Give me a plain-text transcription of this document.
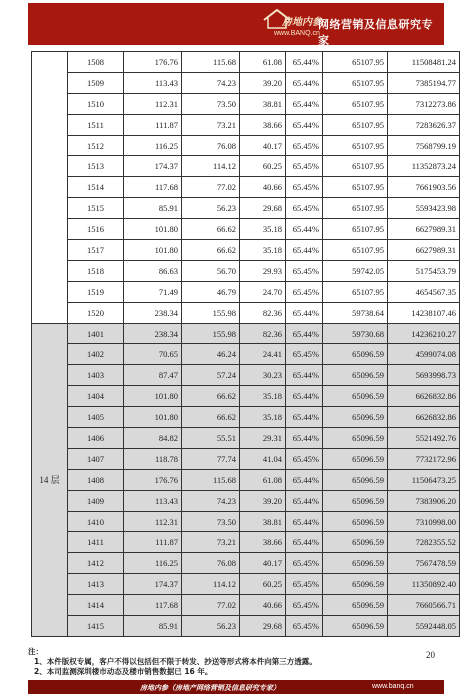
房地内参
www.BANQ.cn
网络营销及信息研究专家
	1508	176.76	115.68	61.08	65.44%	65107.95	11508481.24
	1509	113.43	74.23	39.20	65.44%	65107.95	7385194.77
	1510	112.31	73.50	38.81	65.44%	65107.95	7312273.86
	1511	111.87	73.21	38.66	65.44%	65107.95	7283626.37
	1512	116.25	76.08	40.17	65.45%	65107.95	7568799.19
	1513	174.37	114.12	60.25	65.45%	65107.95	11352873.24
	1514	117.68	77.02	40.66	65.45%	65107.95	7661903.56
	1515	85.91	56.23	29.68	65.45%	65107.95	5593423.98
	1516	101.80	66.62	35.18	65.44%	65107.95	6627989.31
	1517	101.80	66.62	35.18	65.44%	65107.95	6627989.31
	1518	86.63	56.70	29.93	65.45%	59742.05	5175453.79
	1519	71.49	46.79	24.70	65.45%	65107.95	4654567.35
	1520	238.34	155.98	82.36	65.44%	59738.64	14238107.46
14 层	1401	238.34	155.98	82.36	65.44%	59730.68	14236210.27
	1402	70.65	46.24	24.41	65.45%	65096.59	4599074.08
	1403	87.47	57.24	30.23	65.44%	65096.59	5693998.73
	1404	101.80	66.62	35.18	65.44%	65096.59	6626832.86
	1405	101.80	66.62	35.18	65.44%	65096.59	6626832.86
	1406	84.82	55.51	29.31	65.44%	65096.59	5521492.76
	1407	118.78	77.74	41.04	65.45%	65096.59	7732172.96
	1408	176.76	115.68	61.08	65.44%	65096.59	11506473.25
	1409	113.43	74.23	39.20	65.44%	65096.59	7383906.20
	1410	112.31	73.50	38.81	65.44%	65096.59	7310998.00
	1411	111.87	73.21	38.66	65.44%	65096.59	7282355.52
	1412	116.25	76.08	40.17	65.45%	65096.59	7567478.59
	1413	174.37	114.12	60.25	65.45%	65096.59	11350892.40
	1414	117.68	77.02	40.66	65.45%	65096.59	7660566.71
	1415	85.91	56.23	29.68	65.45%	65096.59	5592448.05
注：
1、本件版权专属，客户不得以包括但不限于转发、抄送等形式将本件向第三方透露。
2、本司监测深圳楼市动态及楼市销售数据已 16 年。
20
房地内参（房地产网络营销及信息研究专家）	www.banq.cn
